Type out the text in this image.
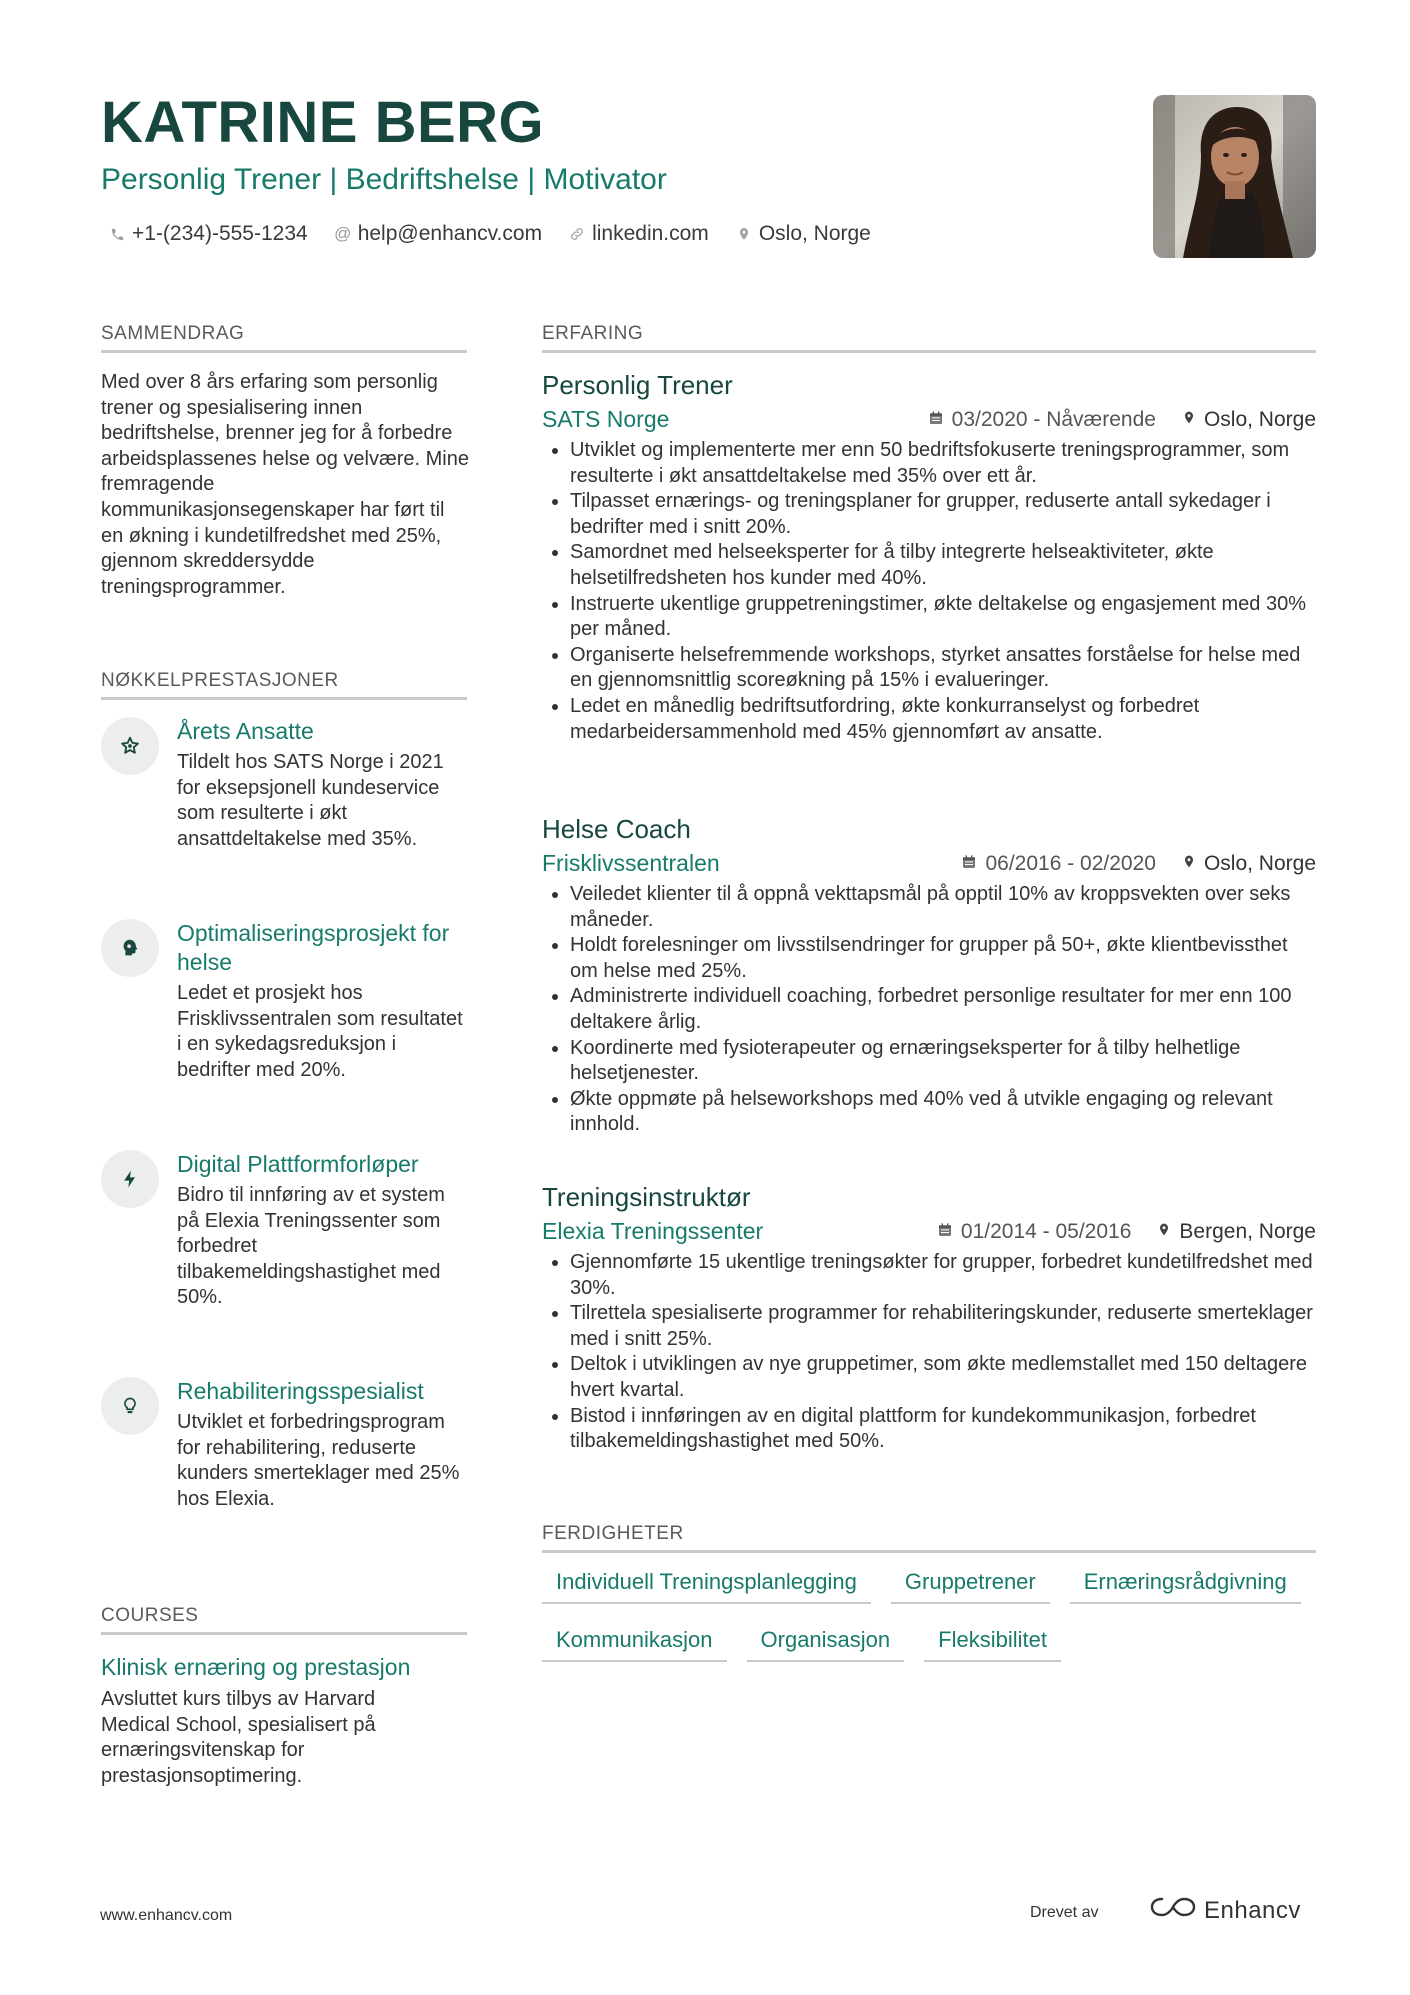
KATRINE BERG
Personlig Trener | Bedriftshelse | Motivator
+1-(234)-555-1234 @ help@enhancv.com linkedin.com Oslo, Norge
SAMMENDRAG
Med over 8 års erfaring som personlig trener og spesialisering innen bedriftshelse, brenner jeg for å forbedre arbeidsplassenes helse og velvære. Mine fremragende kommunikasjonsegenskaper har ført til en økning i kundetilfredshet med 25%, gjennom skreddersydde treningsprogrammer.
NØKKELPRESTASJONER
Årets Ansatte
Tildelt hos SATS Norge i 2021 for eksepsjonell kundeservice som resulterte i økt ansattdeltakelse med 35%.
Optimaliseringsprosjekt for helse
Ledet et prosjekt hos Frisklivssentralen som resultatet i en sykedagsreduksjon i bedrifter med 20%.
Digital Plattformforløper
Bidro til innføring av et system på Elexia Treningssenter som forbedret tilbakemeldingshastighet med 50%.
Rehabiliteringsspesialist
Utviklet et forbedringsprogram for rehabilitering, reduserte kunders smerteklager med 25% hos Elexia.
COURSES
Klinisk ernæring og prestasjon
Avsluttet kurs tilbys av Harvard Medical School, spesialisert på ernæringsvitenskap for prestasjonsoptimering.
ERFARING
Personlig Trener
SATS Norge	03/2020 - Nåværende Oslo, Norge
• Utviklet og implementerte mer enn 50 bedriftsfokuserte treningsprogrammer, som resulterte i økt ansattdeltakelse med 35% over ett år.
• Tilpasset ernærings- og treningsplaner for grupper, reduserte antall sykedager i bedrifter med i snitt 20%.
• Samordnet med helseeksperter for å tilby integrerte helseaktiviteter, økte helsetilfredsheten hos kunder med 40%.
• Instruerte ukentlige gruppetreningstimer, økte deltakelse og engasjement med 30% per måned.
• Organiserte helsefremmende workshops, styrket ansattes forståelse for helse med en gjennomsnittlig scoreøkning på 15% i evalueringer.
• Ledet en månedlig bedriftsutfordring, økte konkurranselyst og forbedret medarbeidersammenhold med 45% gjennomført av ansatte.
Helse Coach
Frisklivssentralen	06/2016 - 02/2020 Oslo, Norge
• Veiledet klienter til å oppnå vekttapsmål på opptil 10% av kroppsvekten over seks måneder.
• Holdt forelesninger om livsstilsendringer for grupper på 50+, økte klientbevissthet om helse med 25%.
• Administrerte individuell coaching, forbedret personlige resultater for mer enn 100 deltakere årlig.
• Koordinerte med fysioterapeuter og ernæringseksperter for å tilby helhetlige helsetjenester.
• Økte oppmøte på helseworkshops med 40% ved å utvikle engaging og relevant innhold.
Treningsinstruktør
Elexia Treningssenter	01/2014 - 05/2016 Bergen, Norge
• Gjennomførte 15 ukentlige treningsøkter for grupper, forbedret kundetilfredshet med 30%.
• Tilrettela spesialiserte programmer for rehabiliteringskunder, reduserte smerteklager med i snitt 25%.
• Deltok i utviklingen av nye gruppetimer, som økte medlemstallet med 150 deltagere hvert kvartal.
• Bistod i innføringen av en digital plattform for kundekommunikasjon, forbedret tilbakemeldingshastighet med 50%.
FERDIGHETER
Individuell Treningsplanlegging	Gruppetrener	Ernæringsrådgivning
Kommunikasjon	Organisasjon	Fleksibilitet
www.enhancv.com	Drevet av	Enhancv
